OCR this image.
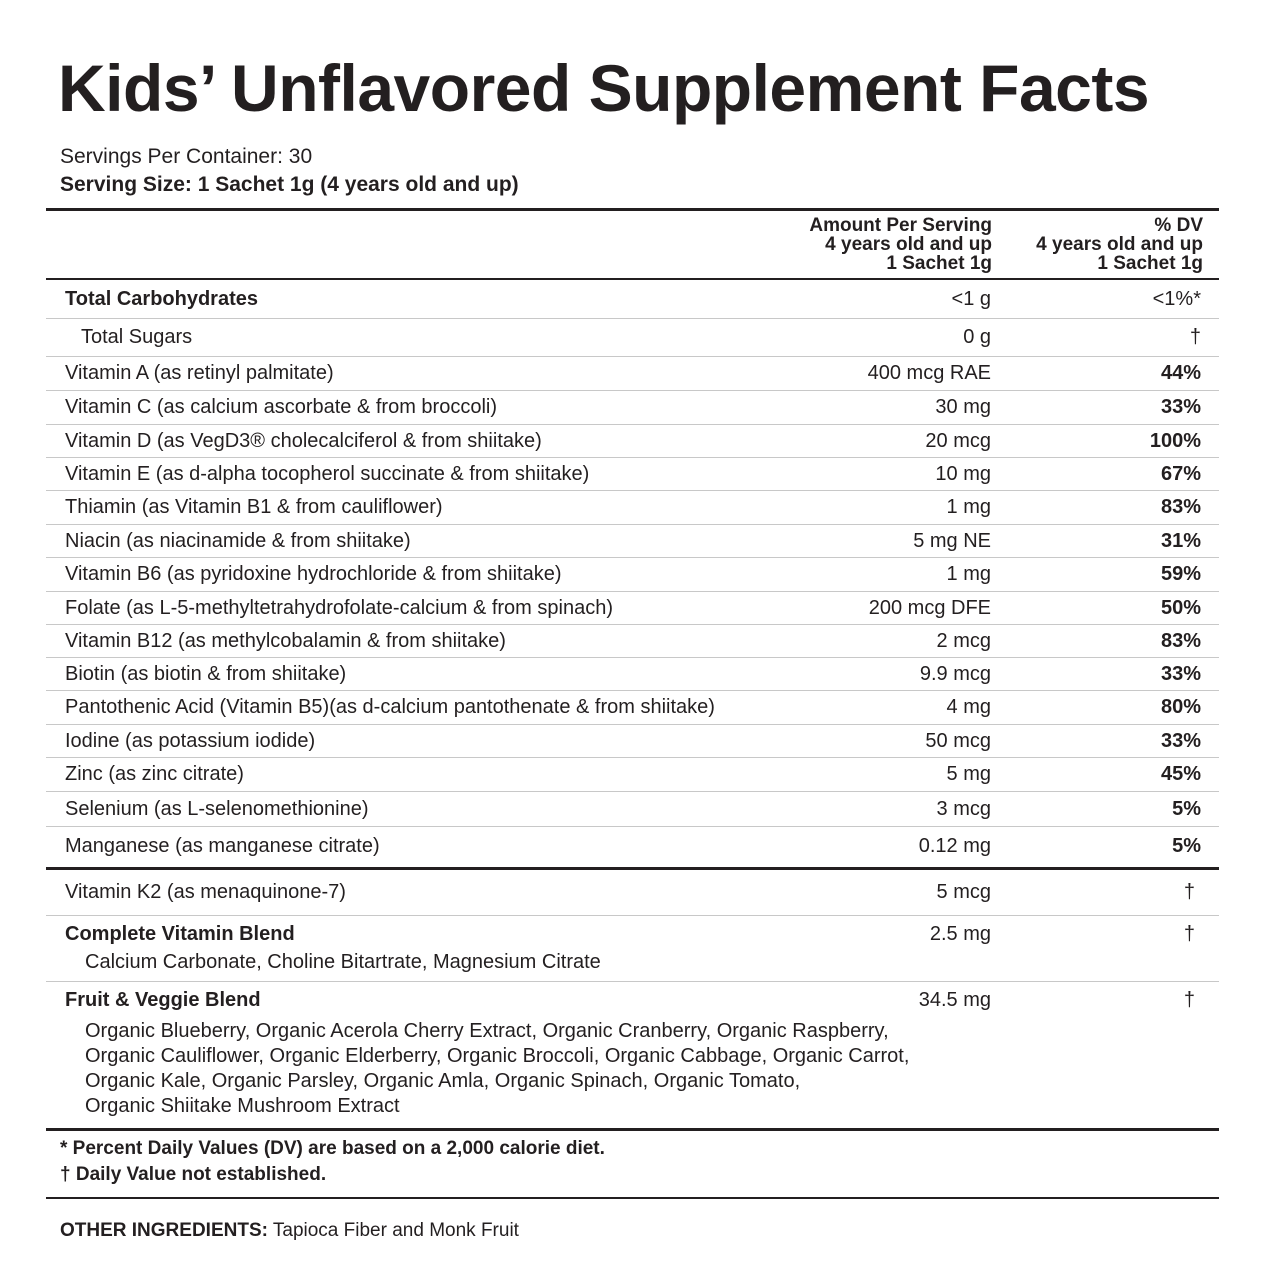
Kids’ Unflavored Supplement Facts
Servings Per Container: 30
Serving Size: 1 Sachet 1g (4 years old and up)
Amount Per Serving
4 years old and up
1 Sachet 1g
% DV
4 years old and up
1 Sachet 1g
Total Carbohydrates	<1 g	<1%*
Total Sugars	0 g	†
Vitamin A (as retinyl palmitate)	400 mcg RAE	44%
Vitamin C (as calcium ascorbate & from broccoli)	30 mg	33%
Vitamin D (as VegD3® cholecalciferol & from shiitake)	20 mcg	100%
Vitamin E (as d-alpha tocopherol succinate & from shiitake)	10 mg	67%
Thiamin (as Vitamin B1 & from cauliflower)	1 mg	83%
Niacin (as niacinamide & from shiitake)	5 mg NE	31%
Vitamin B6 (as pyridoxine hydrochloride & from shiitake)	1 mg	59%
Folate (as L-5-methyltetrahydrofolate-calcium & from spinach)	200 mcg DFE	50%
Vitamin B12 (as methylcobalamin & from shiitake)	2 mcg	83%
Biotin (as biotin & from shiitake)	9.9 mcg	33%
Pantothenic Acid (Vitamin B5)(as d-calcium pantothenate & from shiitake)	4 mg	80%
Iodine (as potassium iodide)	50 mcg	33%
Zinc (as zinc citrate)	5 mg	45%
Selenium (as L-selenomethionine)	3 mcg	5%
Manganese (as manganese citrate)	0.12 mg	5%
Vitamin K2 (as menaquinone-7)	5 mcg	†
Complete Vitamin Blend	2.5 mg	†
Calcium Carbonate, Choline Bitartrate, Magnesium Citrate
Fruit & Veggie Blend	34.5 mg	†
Organic Blueberry, Organic Acerola Cherry Extract, Organic Cranberry, Organic Raspberry,
Organic Cauliflower, Organic Elderberry, Organic Broccoli, Organic Cabbage, Organic Carrot,
Organic Kale, Organic Parsley, Organic Amla, Organic Spinach, Organic Tomato,
Organic Shiitake Mushroom Extract
* Percent Daily Values (DV) are based on a 2,000 calorie diet.
† Daily Value not established.
OTHER INGREDIENTS: Tapioca Fiber and Monk Fruit
